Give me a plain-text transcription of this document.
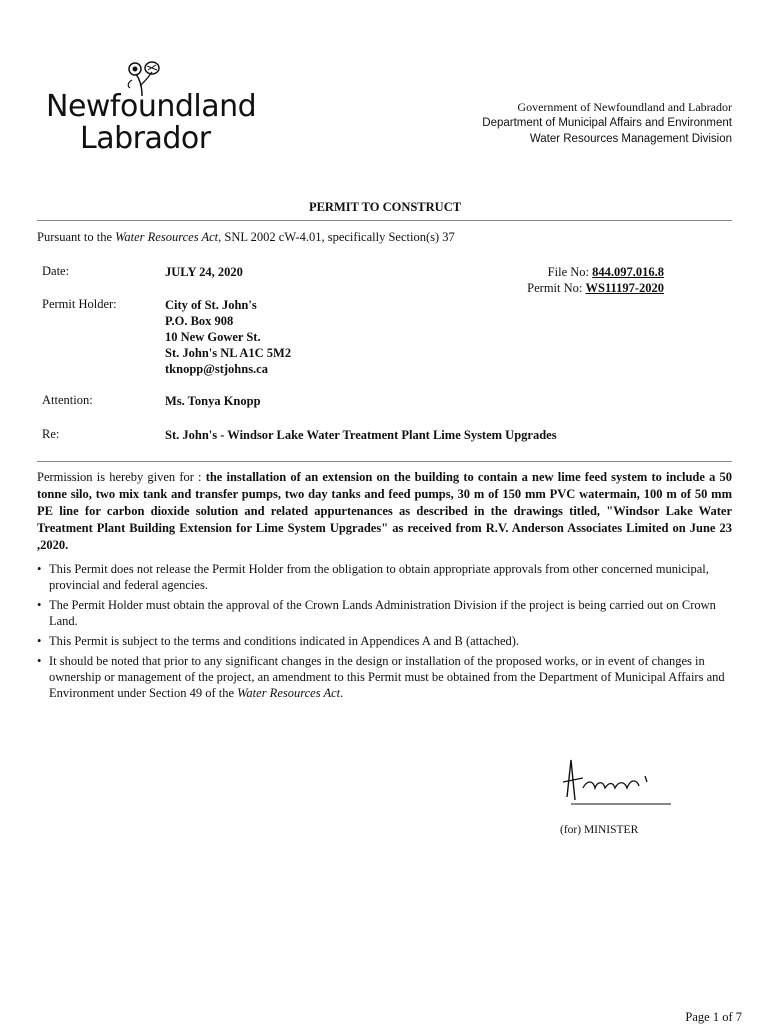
Newfoundland
Labrador
Government of Newfoundland and Labrador
Department of Municipal Affairs and Environment
Water Resources Management Division
PERMIT TO CONSTRUCT
Pursuant to the Water Resources Act, SNL 2002 cW-4.01, specifically Section(s) 37
Date:	JULY 24, 2020	File No: 844.097.016.8
Permit No: WS11197-2020
Permit Holder:	City of St. John's
P.O. Box 908
10 New Gower St.
St. John's NL A1C 5M2
tknopp@stjohns.ca
Attention:	Ms. Tonya Knopp
Re:	St. John's - Windsor Lake Water Treatment Plant Lime System Upgrades
Permission is hereby given for : the installation of an extension on the building to contain a new lime feed system to include a 50 tonne silo, two mix tank and transfer pumps, two day tanks and feed pumps, 30 m of 150 mm PVC watermain, 100 m of 50 mm PE line for carbon dioxide solution and related appurtenances as described in the drawings titled, "Windsor Lake Water Treatment Plant Building Extension for Lime System Upgrades" as received from R.V. Anderson Associates Limited on June 23 ,2020.
• This Permit does not release the Permit Holder from the obligation to obtain appropriate approvals from other concerned municipal, provincial and federal agencies.
• The Permit Holder must obtain the approval of the Crown Lands Administration Division if the project is being carried out on Crown Land.
• This Permit is subject to the terms and conditions indicated in Appendices A and B (attached).
• It should be noted that prior to any significant changes in the design or installation of the proposed works, or in event of changes in ownership or management of the project, an amendment to this Permit must be obtained from the Department of Municipal Affairs and Environment under Section 49 of the Water Resources Act.
(for) MINISTER
Page 1 of 7
